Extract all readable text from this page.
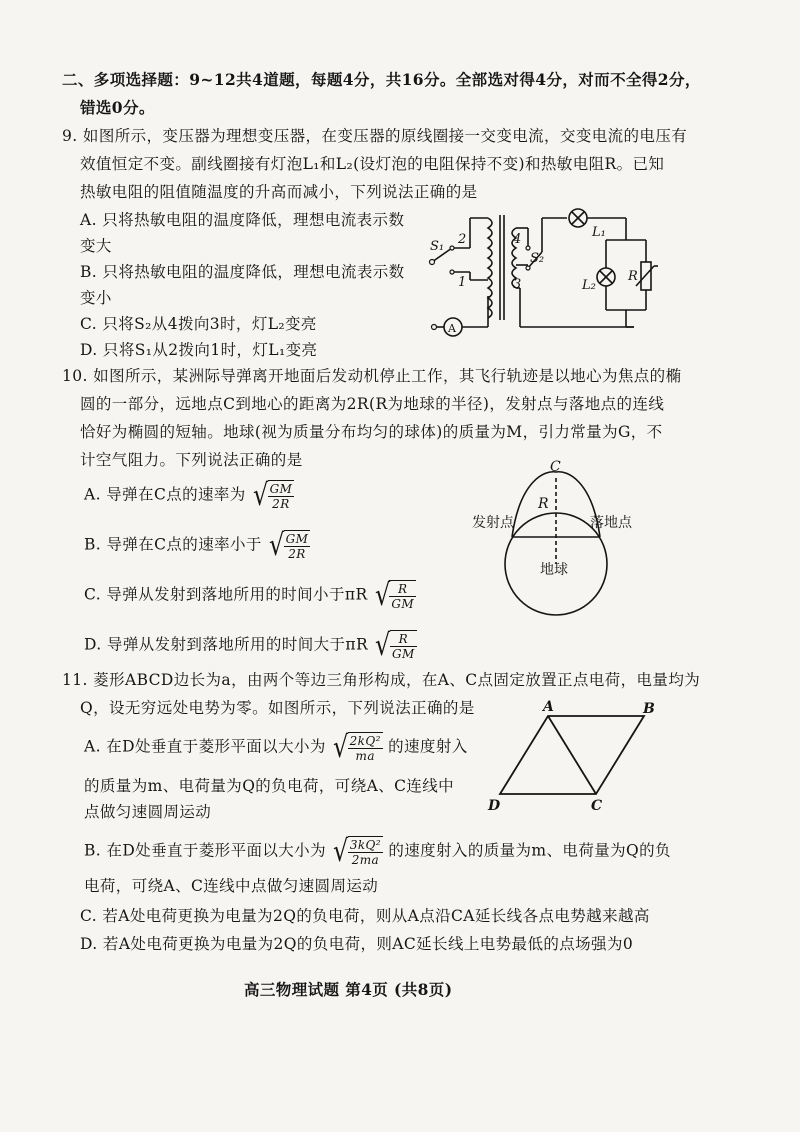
二、多项选择题：9~12共4道题，每题4分，共16分。全部选对得4分，对而不全得2分，
错选0分。
9. 如图所示，变压器为理想变压器，在变压器的原线圈接一交变电流，交变电流的电压有
效值恒定不变。副线圈接有灯泡L₁和L₂(设灯泡的电阻保持不变)和热敏电阻R。已知
热敏电阻的阻值随温度的升高而减小，下列说法正确的是
A. 只将热敏电阻的温度降低，理想电流表示数
变大
B. 只将热敏电阻的温度降低，理想电流表示数
变小
C. 只将S₂从4拨向3时，灯L₂变亮
D. 只将S₁从2拨向1时，灯L₁变亮
S₁ 2
1
4
3
S₂
L₁
L₂
R
A
10. 如图所示，某洲际导弹离开地面后发动机停止工作，其飞行轨迹是以地心为焦点的椭
圆的一部分，远地点C到地心的距离为2R(R为地球的半径)，发射点与落地点的连线
恰好为椭圆的短轴。地球(视为质量分布均匀的球体)的质量为M，引力常量为G，不
计空气阻力。下列说法正确的是
A. 导弹在C点的速率为 √
$\frac{GM}{2R}$
B. 导弹在C点的速率小于 √
$\frac{GM}{2R}$
C. 导弹从发射到落地所用的时间小于πR √
$\frac{R}{GM}$
D. 导弹从发射到落地所用的时间大于πR √
$\frac{R}{GM}$
C
R
发射点	落地点
地球
11. 菱形ABCD边长为a，由两个等边三角形构成，在A、C点固定放置正点电荷，电量均为
Q，设无穷远处电势为零。如图所示，下列说法正确的是
A. 在D处垂直于菱形平面以大小为 √
$\frac{\text{2kQ²}}{ma}$ 的速度射入
的质量为m、电荷量为Q的负电荷，可绕A、C连线中
点做匀速圆周运动
B. 在D处垂直于菱形平面以大小为 √
$\frac{\text{3kQ²}}{2ma}$ 的速度射入的质量为m、电荷量为Q的负
电荷，可绕A、C连线中点做匀速圆周运动
C. 若A处电荷更换为电量为2Q的负电荷，则从A点沿CA延长线各点电势越来越高
D. 若A处电荷更换为电量为2Q的负电荷，则AC延长线上电势最低的点场强为0
A	B
C
D
高三物理试题 第4页 (共8页)
